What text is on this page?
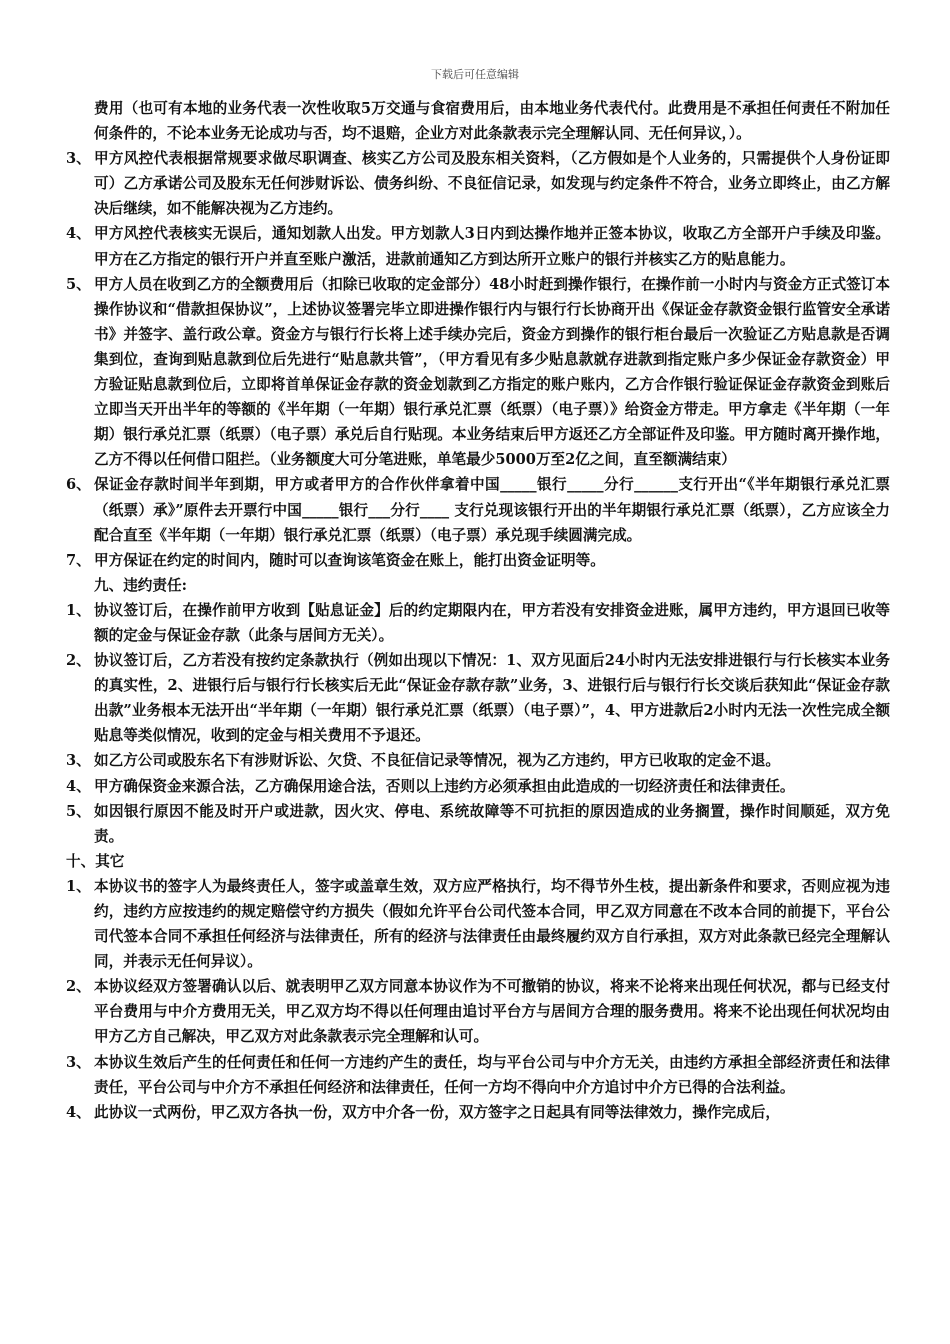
下载后可任意编辑
费用（也可有本地的业务代表一次性收取5万交通与食宿费用后，由本地业务代表代付。此费用是不承担任何责任不附加任何条件的，不论本业务无论成功与否，均不退赔，企业方对此条款表示完全理解认同、无任何异议，）。
3、 甲方风控代表根据常规要求做尽职调查、核实乙方公司及股东相关资料，（乙方假如是个人业务的，只需提供个人身份证即可）乙方承诺公司及股东无任何涉财诉讼、债务纠纷、不良征信记录，如发现与约定条件不符合，业务立即终止，由乙方解决后继续，如不能解决视为乙方违约。
4、 甲方风控代表核实无误后，通知划款人出发。甲方划款人3日内到达操作地并正签本协议，收取乙方全部开户手续及印鉴。甲方在乙方指定的银行开户并直至账户激活，进款前通知乙方到达所开立账户的银行并核实乙方的贴息能力。
5、 甲方人员在收到乙方的全额费用后（扣除已收取的定金部分）48小时赶到操作银行，在操作前一小时内与资金方正式签订本操作协议和“借款担保协议”，上述协议签署完毕立即进操作银行内与银行行长协商开出《保证金存款资金银行监管安全承诺书》并签字、盖行政公章。资金方与银行行长将上述手续办完后，资金方到操作的银行柜台最后一次验证乙方贴息款是否调集到位，查询到贴息款到位后先进行“贴息款共管”，（甲方看见有多少贴息款就存进款到指定账户多少保证金存款资金）甲方验证贴息款到位后，立即将首单保证金存款的资金划款到乙方指定的账户账内，乙方合作银行验证保证金存款资金到账后立即当天开出半年的等额的《半年期（一年期）银行承兑汇票（纸票）（电子票）》给资金方带走。甲方拿走《半年期（一年期）银行承兑汇票（纸票）（电子票）承兑后自行贴现。本业务结束后甲方返还乙方全部证件及印鉴。甲方随时离开操作地，乙方不得以任何借口阻拦。（业务额度大可分笔进账，单笔最少5000万至2亿之间，直至额满结束）
6、 保证金存款时间半年到期，甲方或者甲方的合作伙伴拿着中国_____银行_____分行______支行开出“《半年期银行承兑汇票（纸票）承》”原件去开票行中国_____银行___分行____ 支行兑现该银行开出的半年期银行承兑汇票（纸票），乙方应该全力配合直至《半年期（一年期）银行承兑汇票（纸票）（电子票）承兑现手续圆满完成。
7、 甲方保证在约定的时间内，随时可以查询该笔资金在账上，能打出资金证明等。
九、违约责任:
1、 协议签订后，在操作前甲方收到【贴息证金】后的约定期限内在，甲方若没有安排资金进账，属甲方违约，甲方退回已收等额的定金与保证金存款（此条与居间方无关）。
2、 协议签订后，乙方若没有按约定条款执行（例如出现以下情况：1、双方见面后24小时内无法安排进银行与行长核实本业务的真实性，2、进银行后与银行行长核实后无此“保证金存款存款”业务，3、进银行后与银行行长交谈后获知此“保证金存款出款”业务根本无法开出“半年期（一年期）银行承兑汇票（纸票）（电子票）”，4、甲方进款后2小时内无法一次性完成全额贴息等类似情况，收到的定金与相关费用不予退还。
3、 如乙方公司或股东名下有涉财诉讼、欠贷、不良征信记录等情况，视为乙方违约，甲方已收取的定金不退。
4、 甲方确保资金来源合法，乙方确保用途合法，否则以上违约方必须承担由此造成的一切经济责任和法律责任。
5、 如因银行原因不能及时开户或进款，因火灾、停电、系统故障等不可抗拒的原因造成的业务搁置，操作时间顺延，双方免责。
十、其它
1、 本协议书的签字人为最终责任人，签字或盖章生效，双方应严格执行，均不得节外生枝，提出新条件和要求，否则应视为违约，违约方应按违约的规定赔偿守约方损失（假如允许平台公司代签本合同，甲乙双方同意在不改本合同的前提下，平台公司代签本合同不承担任何经济与法律责任，所有的经济与法律责任由最终履约双方自行承担，双方对此条款已经完全理解认同，并表示无任何异议）。
2、 本协议经双方签署确认以后、就表明甲乙双方同意本协议作为不可撤销的协议，将来不论将来出现任何状况，都与已经支付平台费用与中介方费用无关，甲乙双方均不得以任何理由追讨平台方与居间方合理的服务费用。将来不论出现任何状况均由甲方乙方自己解决，甲乙双方对此条款表示完全理解和认可。
3、 本协议生效后产生的任何责任和任何一方违约产生的责任，均与平台公司与中介方无关，由违约方承担全部经济责任和法律责任，平台公司与中介方不承担任何经济和法律责任，任何一方均不得向中介方追讨中介方已得的合法利益。
4、 此协议一式两份，甲乙双方各执一份，双方中介各一份，双方签字之日起具有同等法律效力，操作完成后，
